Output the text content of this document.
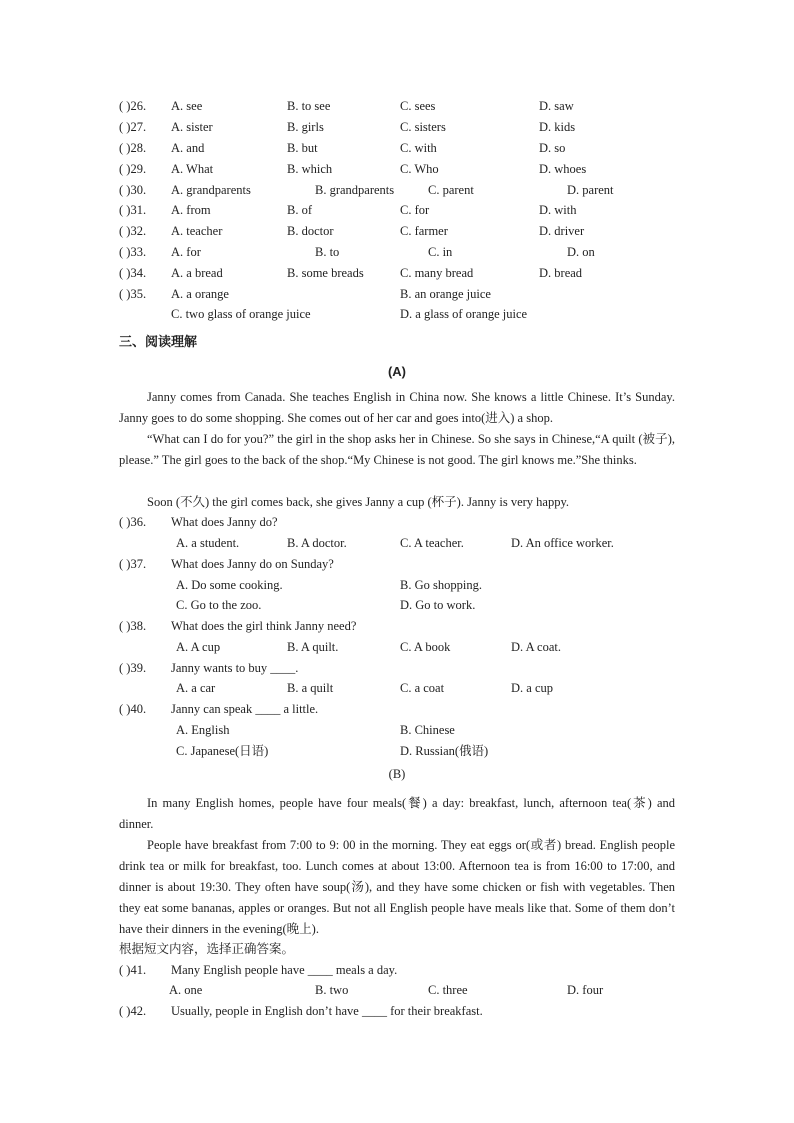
( )26. A. see	B. to see	C. sees	D. saw
( )27. A. sister	B. girls	C. sisters	D. kids
( )28. A. and	B. but	C. with	D. so
( )29. A. What	B. which	C. Who	D. whoes
( )30. A. grandparents	B. grandparents	C. parent	D. parent
( )31. A. from	B. of	C. for	D. with
( )32. A. teacher	B. doctor	C. farmer	D. driver
( )33. A. for	B. to	C. in	D. on
( )34. A. a bread	B. some breads	C. many bread	D. bread
( )35. A. a orange	B. an orange juice
C. two glass of orange juice	D. a glass of orange juice
三、阅读理解
(A)
Janny comes from Canada. She teaches English in China now. She knows a little Chinese. It’s Sunday. Janny goes to do some shopping. She comes out of her car and goes into(进入) a shop.
“What can I do for you?” the girl in the shop asks her in Chinese. So she says in Chinese,“A quilt (被子), please.” The girl goes to the back of the shop.“My Chinese is not good. The girl knows me.”She thinks.
Soon (不久) the girl comes back, she gives Janny a cup (杯子). Janny is very happy.
( )36. What does Janny do?
A. a student.	B. A doctor.	C. A teacher.	D. An office worker.
( )37. What does Janny do on Sunday?
A. Do some cooking.	B. Go shopping.
C. Go to the zoo.	D. Go to work.
( )38. What does the girl think Janny need?
A. A cup	B. A quilt.	C. A book	D. A coat.
( )39. Janny wants to buy ____.
A. a car	B. a quilt	C. a coat	D. a cup
( )40. Janny can speak ____ a little.
A. English	B. Chinese
C. Japanese(日语)	D. Russian(俄语)
(B)
In many English homes, people have four meals(餐) a day: breakfast, lunch, afternoon tea(茶) and dinner.
People have breakfast from 7:00 to 9: 00 in the morning. They eat eggs or(或者) bread. English people drink tea or milk for breakfast, too. Lunch comes at about 13:00. Afternoon tea is from 16:00 to 17:00, and dinner is about 19:30. They often have soup(汤), and they have some chicken or fish with vegetables. Then they eat some bananas, apples or oranges. But not all English people have meals like that. Some of them don’t have their dinners in the evening(晚上).
根据短文内容，选择正确答案。
( )41. Many English people have ____ meals a day.
A. one	B. two	C. three	D. four
( )42. Usually, people in English don’t have ____ for their breakfast.
